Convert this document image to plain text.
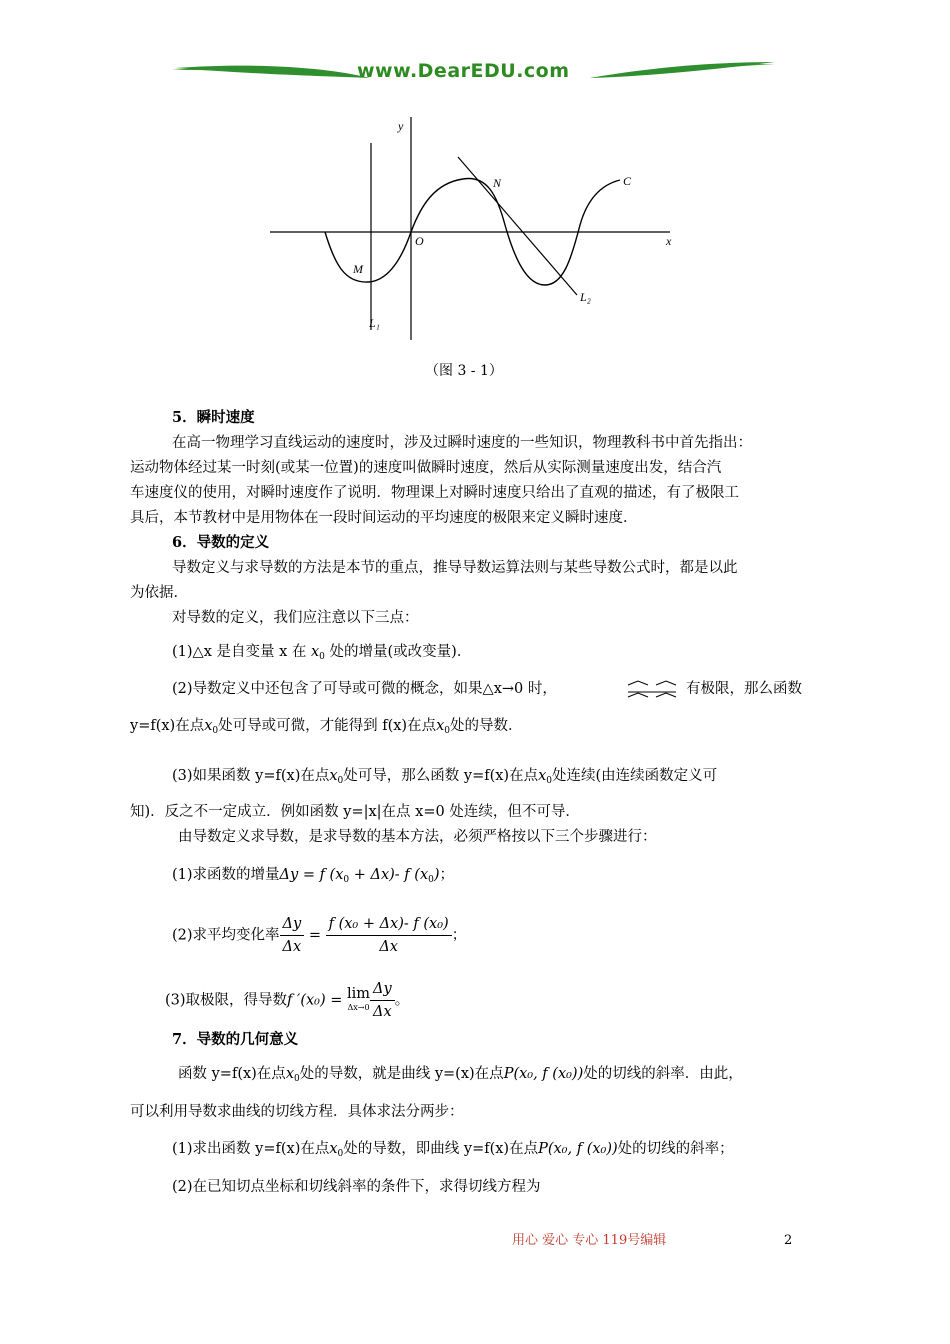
www.DearEDU.com
y
x
O
C
N
M
L₁
L₂
（图 3 - 1）
5．瞬时速度
在高一物理学习直线运动的速度时，涉及过瞬时速度的一些知识，物理教科书中首先指出：
运动物体经过某一时刻(或某一位置)的速度叫做瞬时速度，然后从实际测量速度出发，结合汽
车速度仪的使用，对瞬时速度作了说明．物理课上对瞬时速度只给出了直观的描述，有了极限工
具后，本节教材中是用物体在一段时间运动的平均速度的极限来定义瞬时速度．
6．导数的定义
导数定义与求导数的方法是本节的重点，推导导数运算法则与某些导数公式时，都是以此
为依据．
对导数的定义，我们应注意以下三点：
(1)△x 是自变量 x 在 $x_0$ 处的增量(或改变量)．
(2)导数定义中还包含了可导或可微的概念，如果△x→0 时，	有极限，那么函数
y=f(x)在点$x_0$处可导或可微，才能得到 f(x)在点$x_0$处的导数．
(3)如果函数 y=f(x)在点$x_0$处可导，那么函数 y=f(x)在点$x_0$处连续(由连续函数定义可
知)．反之不一定成立．例如函数 y=|x|在点 x=0 处连续，但不可导．
由导数定义求导数，是求导数的基本方法，必须严格按以下三个步骤进行：
(1)求函数的增量Δy = f $(x_0 + \Delta x)-$ f $(x_0)$；
(2)求平均变化率 $\frac{\Delta y}{\Delta x} = \frac{\text{f (x₀ + Δx)- f (x₀)}}{\Delta x}$ ；
(3)取极限，得导数f ′(x₀) = lim
$\Delta x\to 0 \frac{\Delta y}{\Delta x}$ 。
7．导数的几何意义
函数 y=f(x)在点$x_0$处的导数，就是曲线 y=(x)在点P(x₀, f (x₀))处的切线的斜率．由此，
可以利用导数求曲线的切线方程．具体求法分两步：
(1)求出函数 y=f(x)在点$x_0$处的导数，即曲线 y=f(x)在点P(x₀, f (x₀))处的切线的斜率；
(2)在已知切点坐标和切线斜率的条件下，求得切线方程为
用心 爱心 专心 119号编辑	2
